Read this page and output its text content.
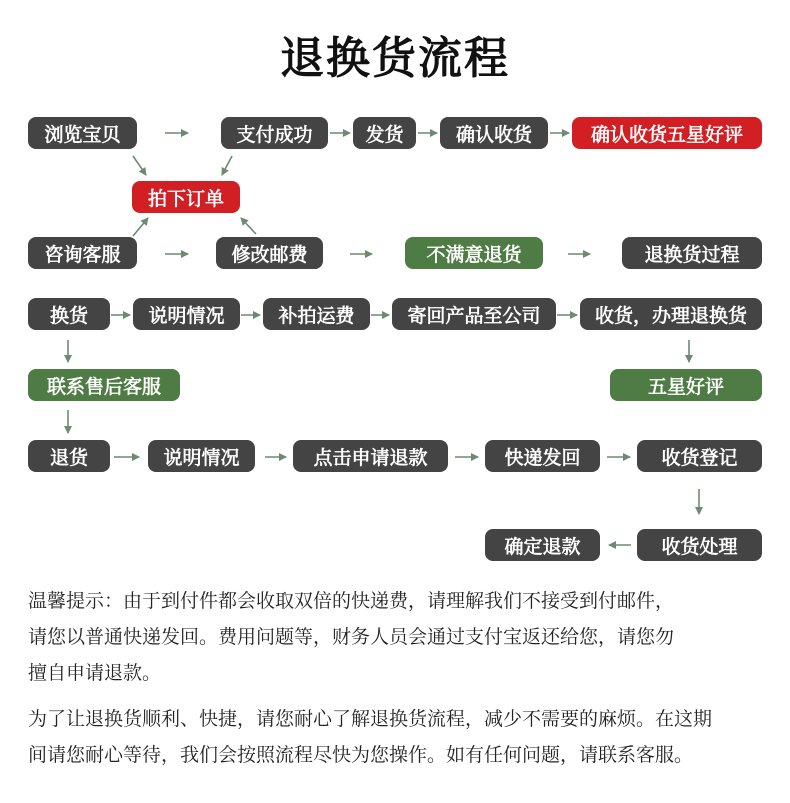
退换货流程
浏览宝贝	支付成功	发货	确认收货	确认收货五星好评
拍下订单
咨询客服	修改邮费	不满意退货	退换货过程
换货	说明情况	补拍运费	寄回产品至公司	收货，办理退换货
联系售后客服	五星好评
退货	说明情况	点击申请退款	快递发回	收货登记
确定退款	收货处理
温馨提示：由于到付件都会收取双倍的快递费，请理解我们不接受到付邮件，
请您以普通快递发回。费用问题等，财务人员会通过支付宝返还给您，请您勿
擅自申请退款。
为了让退换货顺利、快捷，请您耐心了解退换货流程，减少不需要的麻烦。在这期
间请您耐心等待，我们会按照流程尽快为您操作。如有任何问题，请联系客服。
